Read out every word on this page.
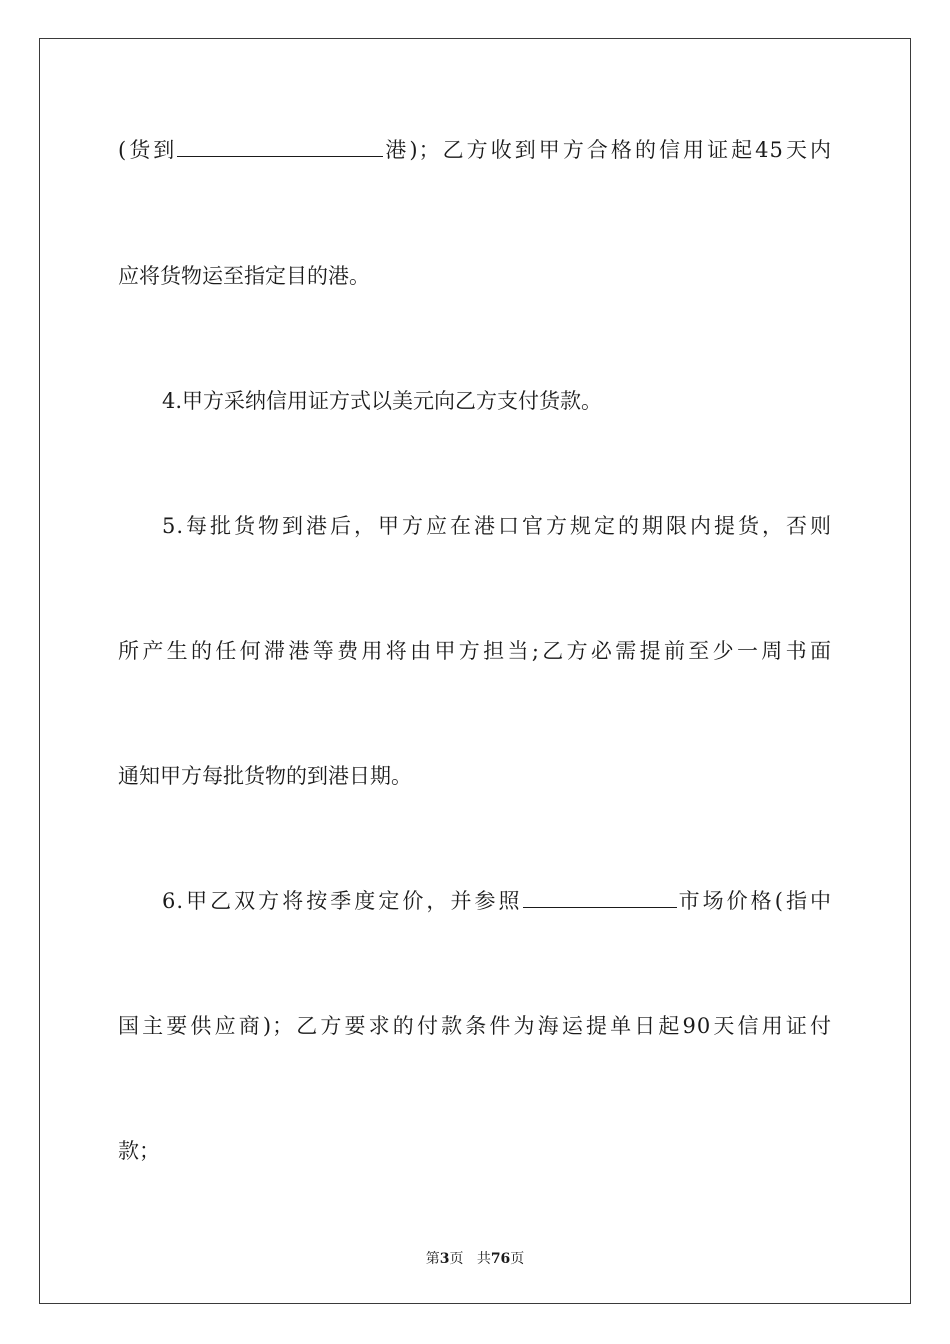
(货到	港)；乙方收到甲方合格的信用证起45天内
应将货物运至指定目的港。
4.甲方采纳信用证方式以美元向乙方支付货款。
5.每批货物到港后，甲方应在港口官方规定的期限内提货，否则
所产生的任何滞港等费用将由甲方担当;乙方必需提前至少一周书面
通知甲方每批货物的到港日期。
6.甲乙双方将按季度定价，并参照	市场价格(指中
国主要供应商)；乙方要求的付款条件为海运提单日起90天信用证付
款；
第3页 共76页
